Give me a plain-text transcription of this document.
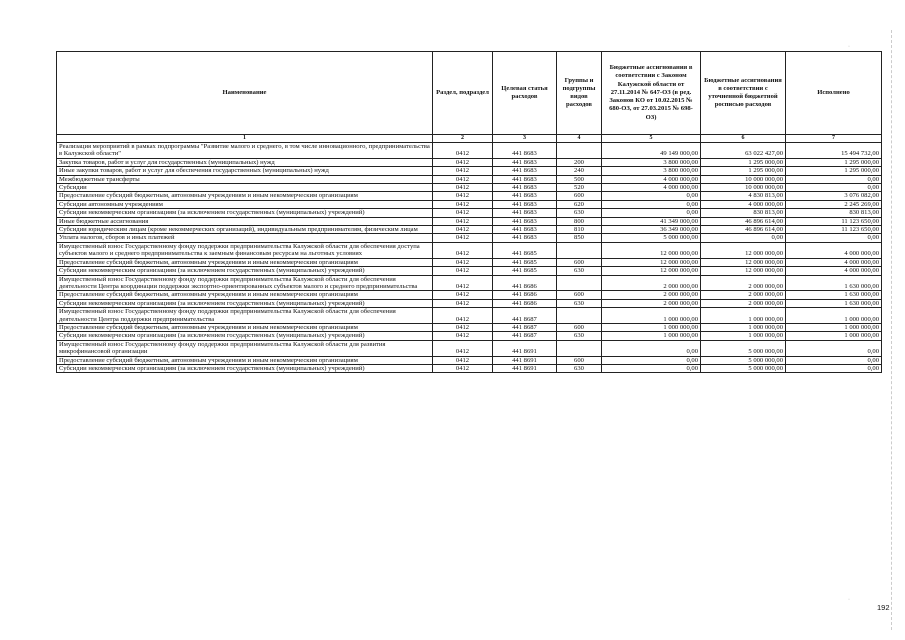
·
·
Наименование	Раздел, подраздел	Целевая статья расходов	Группы и подгруппы видов расходов	Бюджетные ассигнования в соответствии с Законом Калужской области от 27.11.2014 № 647-ОЗ (в ред. Законов КО от 10.02.2015 № 680-ОЗ, от 27.03.2015 № 698-ОЗ)	Бюджетные ассигнования в соответствии с уточненной бюджетной росписью расходов	Исполнено
1	2	3	4	5	6	7
Реализация мероприятий в рамках подпрограммы "Развитие малого и среднего, в том числе инновационного, предпринимательства в Калужской области"	0412	441 8683		49 149 000,00	63 022 427,00	15 494 732,00
Закупка товаров, работ и услуг для государственных (муниципальных) нужд	0412	441 8683	200	3 800 000,00	1 295 000,00	1 295 000,00
Иные закупки товаров, работ и услуг для обеспечения государственных (муниципальных) нужд	0412	441 8683	240	3 800 000,00	1 295 000,00	1 295 000,00
Межбюджетные трансферты	0412	441 8683	500	4 000 000,00	10 000 000,00	0,00
Субсидии	0412	441 8683	520	4 000 000,00	10 000 000,00	0,00
Предоставление субсидий бюджетным, автономным учреждениям и иным некоммерческим организациям	0412	441 8683	600	0,00	4 830 813,00	3 076 082,00
Субсидии автономным учреждениям	0412	441 8683	620	0,00	4 000 000,00	2 245 269,00
Субсидии некоммерческим организациям (за исключением государственных (муниципальных) учреждений)	0412	441 8683	630	0,00	830 813,00	830 813,00
Иные бюджетные ассигнования	0412	441 8683	800	41 349 000,00	46 896 614,00	11 123 650,00
Субсидии юридическим лицам (кроме некоммерческих организаций), индивидуальным предпринимателям, физическим лицам	0412	441 8683	810	36 349 000,00	46 896 614,00	11 123 650,00
Уплата налогов, сборов и иных платежей	0412	441 8683	850	5 000 000,00	0,00	0,00
Имущественный взнос Государственному фонду поддержки предпринимательства Калужской области для обеспечения доступа субъектов малого и среднего предпринимательства к заемным финансовым ресурсам на льготных условиях	0412	441 8685		12 000 000,00	12 000 000,00	4 000 000,00
Предоставление субсидий бюджетным, автономным учреждениям и иным некоммерческим организациям	0412	441 8685	600	12 000 000,00	12 000 000,00	4 000 000,00
Субсидии некоммерческим организациям (за исключением государственных (муниципальных) учреждений)	0412	441 8685	630	12 000 000,00	12 000 000,00	4 000 000,00
Имущественный взнос Государственному фонду поддержки предпринимательства Калужской области для обеспечения деятельности Центра координации поддержки экспортно-ориентированных субъектов малого и среднего предпринимательства	0412	441 8686		2 000 000,00	2 000 000,00	1 630 000,00
Предоставление субсидий бюджетным, автономным учреждениям и иным некоммерческим организациям	0412	441 8686	600	2 000 000,00	2 000 000,00	1 630 000,00
Субсидии некоммерческим организациям (за исключением государственных (муниципальных) учреждений)	0412	441 8686	630	2 000 000,00	2 000 000,00	1 630 000,00
Имущественный взнос Государственному фонду поддержки предпринимательства Калужской области для обеспечения деятельности Центра поддержки предпринимательства	0412	441 8687		1 000 000,00	1 000 000,00	1 000 000,00
Предоставление субсидий бюджетным, автономным учреждениям и иным некоммерческим организациям	0412	441 8687	600	1 000 000,00	1 000 000,00	1 000 000,00
Субсидии некоммерческим организациям (за исключением государственных (муниципальных) учреждений)	0412	441 8687	630	1 000 000,00	1 000 000,00	1 000 000,00
Имущественный взнос Государственному фонду поддержки предпринимательства Калужской области для развития микрофинансовой организации	0412	441 8691		0,00	5 000 000,00	0,00
Предоставление субсидий бюджетным, автономным учреждениям и иным некоммерческим организациям	0412	441 8691	600	0,00	5 000 000,00	0,00
Субсидии некоммерческим организациям (за исключением государственных (муниципальных) учреждений)	0412	441 8691	630	0,00	5 000 000,00	0,00
192
